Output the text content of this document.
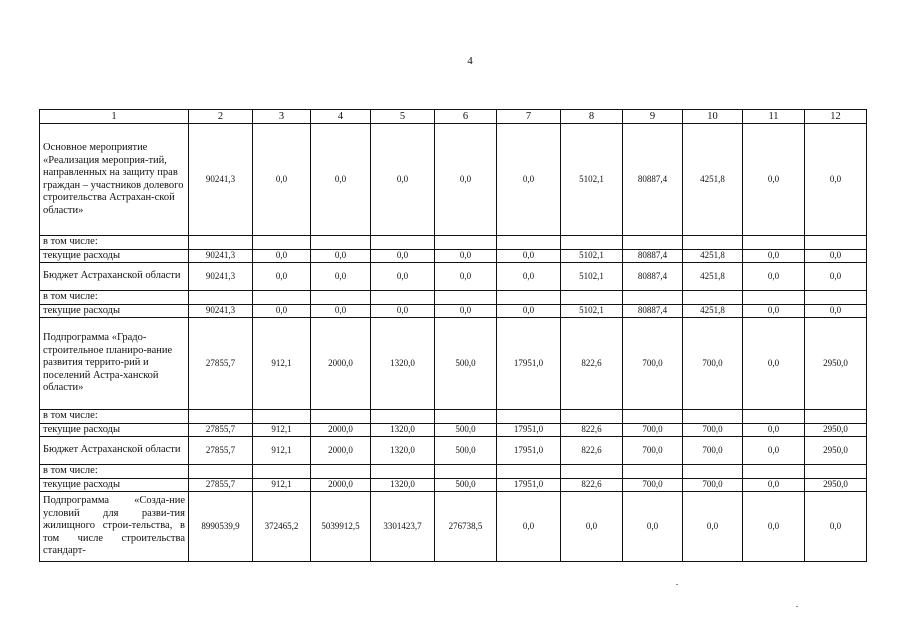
4
1	2	3	4	5	6	7	8	9	10	11	12
Основное мероприятие «Реализация мероприя-тий, направленных на защиту прав граждан – участников долевого строительства Астрахан-ской области»	90241,3	0,0	0,0	0,0	0,0	0,0	5102,1	80887,4	4251,8	0,0	0,0
в том числе:											
текущие расходы	90241,3	0,0	0,0	0,0	0,0	0,0	5102,1	80887,4	4251,8	0,0	0,0
Бюджет Астраханской области	90241,3	0,0	0,0	0,0	0,0	0,0	5102,1	80887,4	4251,8	0,0	0,0
в том числе:											
текущие расходы	90241,3	0,0	0,0	0,0	0,0	0,0	5102,1	80887,4	4251,8	0,0	0,0
Подпрограмма «Градо-строительное планиро-вание развития террито-рий и поселений Астра-ханской области»	27855,7	912,1	2000,0	1320,0	500,0	17951,0	822,6	700,0	700,0	0,0	2950,0
в том числе:											
текущие расходы	27855,7	912,1	2000,0	1320,0	500,0	17951,0	822,6	700,0	700,0	0,0	2950,0
Бюджет Астраханской области	27855,7	912,1	2000,0	1320,0	500,0	17951,0	822,6	700,0	700,0	0,0	2950,0
в том числе:											
текущие расходы	27855,7	912,1	2000,0	1320,0	500,0	17951,0	822,6	700,0	700,0	0,0	2950,0
Подпрограмма «Созда-ние условий для разви-тия жилищного строи-тельства, в том числе строительства стандарт-	8990539,9	372465,2	5039912,5	3301423,7	276738,5	0,0	0,0	0,0	0,0	0,0	0,0
